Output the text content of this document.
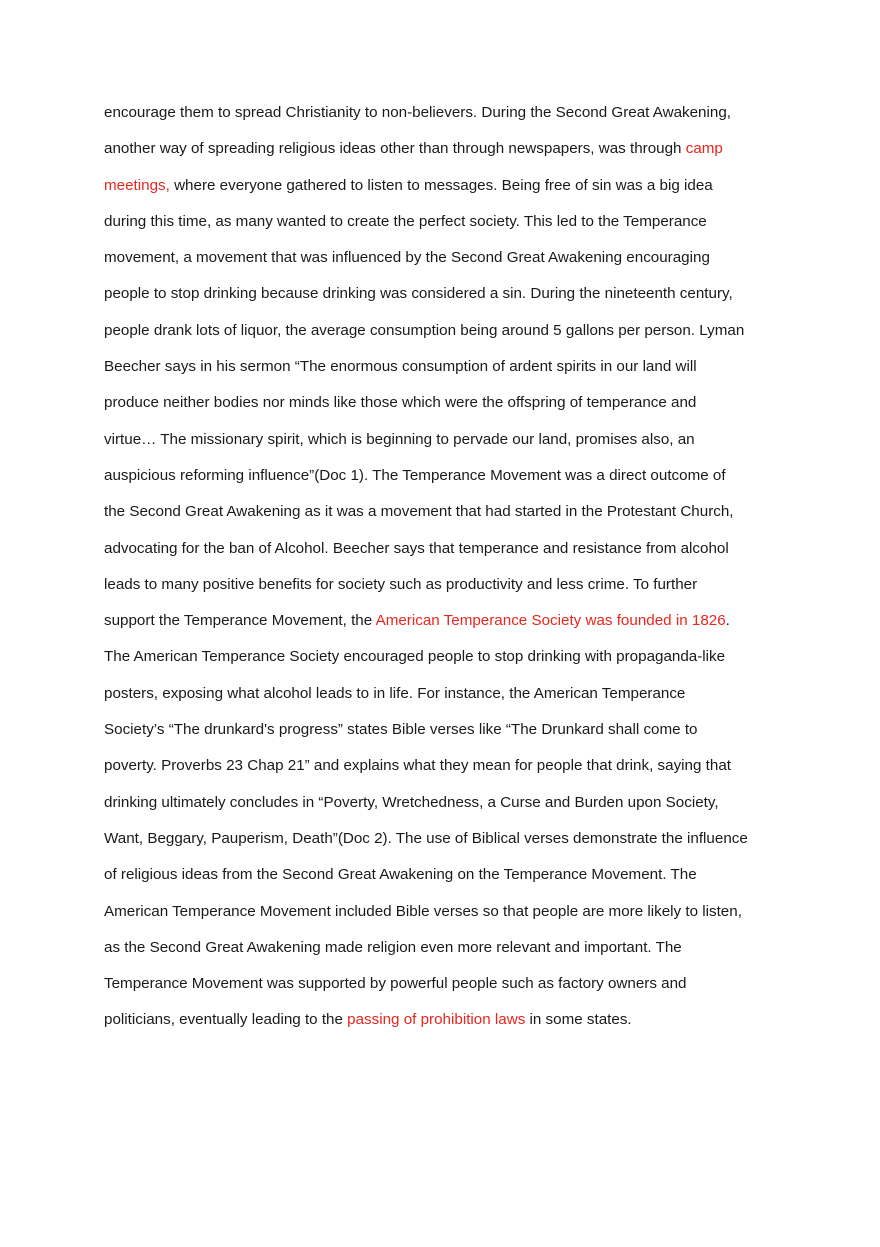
encourage them to spread Christianity to non-believers. During the Second Great Awakening,
another way of spreading religious ideas other than through newspapers, was through camp
meetings, where everyone gathered to listen to messages. Being free of sin was a big idea
during this time, as many wanted to create the perfect society. This led to the Temperance
movement, a movement that was influenced by the Second Great Awakening encouraging
people to stop drinking because drinking was considered a sin. During the nineteenth century,
people drank lots of liquor, the average consumption being around 5 gallons per person. Lyman
Beecher says in his sermon “The enormous consumption of ardent spirits in our land will
produce neither bodies nor minds like those which were the offspring of temperance and
virtue… The missionary spirit, which is beginning to pervade our land, promises also, an
auspicious reforming influence”(Doc 1). The Temperance Movement was a direct outcome of
the Second Great Awakening as it was a movement that had started in the Protestant Church,
advocating for the ban of Alcohol. Beecher says that temperance and resistance from alcohol
leads to many positive benefits for society such as productivity and less crime. To further
support the Temperance Movement, the American Temperance Society was founded in 1826.
The American Temperance Society encouraged people to stop drinking with propaganda-like
posters, exposing what alcohol leads to in life. For instance, the American Temperance
Society’s “The drunkard's progress” states Bible verses like “The Drunkard shall come to
poverty. Proverbs 23 Chap 21” and explains what they mean for people that drink, saying that
drinking ultimately concludes in “Poverty, Wretchedness, a Curse and Burden upon Society,
Want, Beggary, Pauperism, Death”(Doc 2). The use of Biblical verses demonstrate the influence
of religious ideas from the Second Great Awakening on the Temperance Movement. The
American Temperance Movement included Bible verses so that people are more likely to listen,
as the Second Great Awakening made religion even more relevant and important. The
Temperance Movement was supported by powerful people such as factory owners and
politicians, eventually leading to the passing of prohibition laws in some states.
